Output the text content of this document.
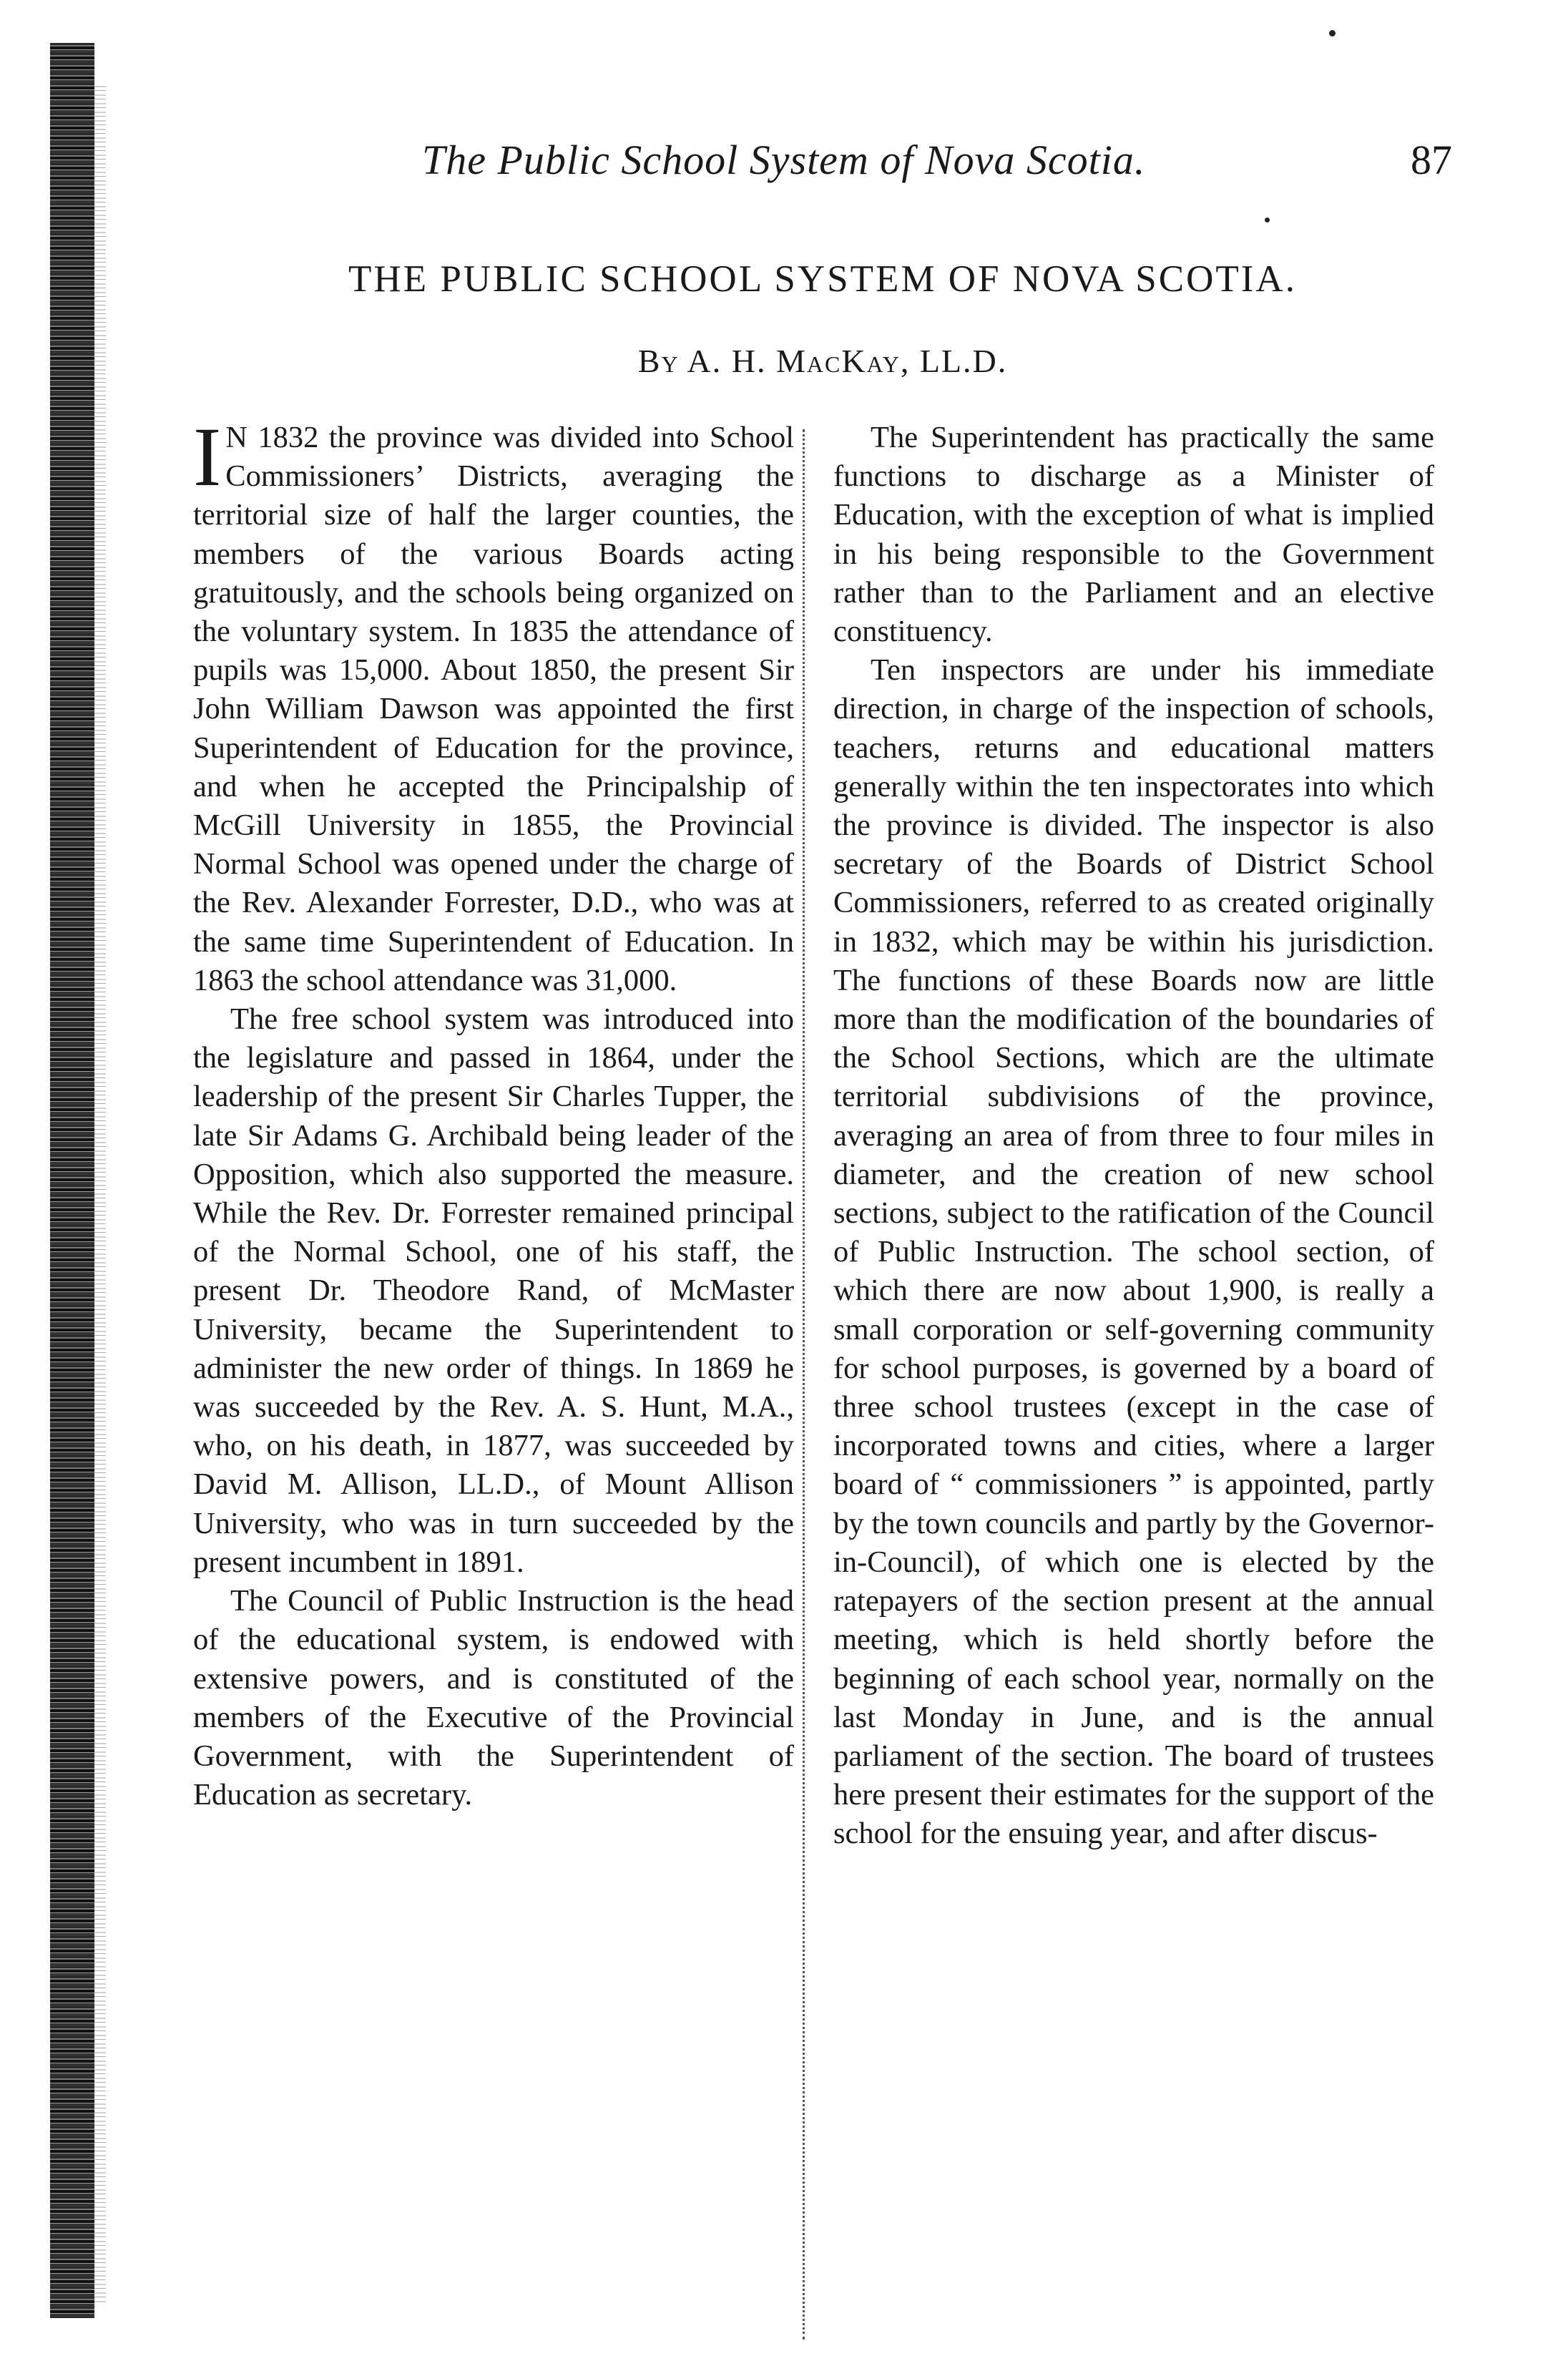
The Public School System of Nova Scotia.	87
THE PUBLIC SCHOOL SYSTEM OF NOVA SCOTIA.
By A. H. MacKay, LL.D.

I N 1832 the province was divided into School Commissioners’ Districts, averaging the territorial size of half the larger counties, the members of the various Boards acting gratuitously, and the schools being organized on the voluntary system. In 1835 the attendance of pupils was 15,000. About 1850, the present Sir John William Dawson was appointed the first Superintendent of Education for the province, and when he accepted the Principalship of McGill University in 1855, the Provincial Normal School was opened under the charge of the Rev. Alexander Forrester, D.D., who was at the same time Superintendent of Education. In 1863 the school attendance was 31,000.

The free school system was introduced into the legislature and passed in 1864, under the leadership of the present Sir Charles Tupper, the late Sir Adams G. Archibald being leader of the Opposition, which also supported the measure. While the Rev. Dr. Forrester remained principal of the Normal School, one of his staff, the present Dr. Theodore Rand, of McMaster University, became the Superintendent to administer the new order of things. In 1869 he was succeeded by the Rev. A. S. Hunt, M.A., who, on his death, in 1877, was succeeded by David M. Allison, LL.D., of Mount Allison University, who was in turn succeeded by the present incumbent in 1891.

The Council of Public Instruction is the head of the educational system, is endowed with extensive powers, and is constituted of the members of the Executive of the Provincial Government, with the Superintendent of Education as secretary.

The Superintendent has practically the same functions to discharge as a Minister of Education, with the exception of what is implied in his being responsible to the Government rather than to the Parliament and an elective constituency.

Ten inspectors are under his immediate direction, in charge of the inspection of schools, teachers, returns and educational matters generally within the ten inspectorates into which the province is divided. The inspector is also secretary of the Boards of District School Commissioners, referred to as created originally in 1832, which may be within his jurisdiction. The functions of these Boards now are little more than the modification of the boundaries of the School Sections, which are the ultimate territorial subdivisions of the province, averaging an area of from three to four miles in diameter, and the creation of new school sections, subject to the ratification of the Council of Public Instruction. The school section, of which there are now about 1,900, is really a small corporation or self-governing community for school purposes, is governed by a board of three school trustees (except in the case of incorporated towns and cities, where a larger board of “ commissioners ” is appointed, partly by the town councils and partly by the Governor-in-Council), of which one is elected by the ratepayers of the section present at the annual meeting, which is held shortly before the beginning of each school year, normally on the last Monday in June, and is the annual parliament of the section. The board of trustees here present their estimates for the support of the school for the ensuing year, and after discus-
